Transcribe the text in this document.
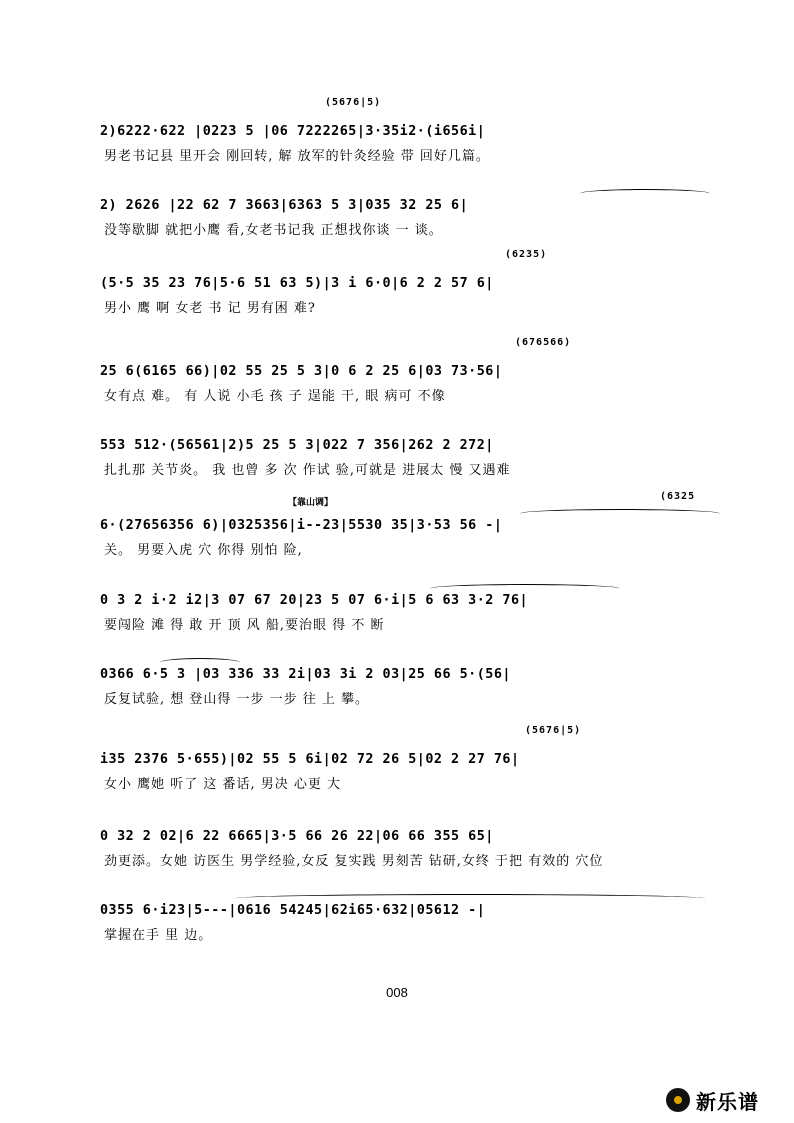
(5676|5)
2)6222·622 |0223 5 |06 7222265|3·35i2·(i656i|
男老书记县 里开会 刚回转, 解 放军的针灸经验 带 回好几篇。
2) 2626 |22 62 7 3663|6363 5 3|035 32 25 6|
没等歇脚 就把小鹰 看,女老书记我 正想找你谈 一 谈。
(6235)
(5·5 35 23 76|5·6 51 63 5)|3 i 6·0|6 2 2 57 6|
男小 鹰 啊 女老 书 记 男有困 难?
(676566)
25 6(6165 66)|02 55 25 5 3|0 6 2 25 6|03 73·56|
女有点 难。 有 人说 小毛 孩 子 逞能 干, 眼 病可 不像
553 512·(56561|2)5 25 5 3|022 7 356|262 2 272|
扎扎那 关节炎。 我 也曾 多 次 作试 验,可就是 进展太 慢 又遇难
【靠山调】
(6325
6·(27656356 6)|0325356|i--23|5530 35|3·53 56 -|
关。 男要入虎 穴 你得 别怕 险,
0 3 2 i·2 i2|3 07 67 20|23 5 07 6·i|5 6 63 3·2 76|
要闯险 滩 得 敢 开 顶 风 船,要治眼 得 不 断
0366 6·5 3 |03 336 33 2i|03 3i 2 03|25 66 5·(56|
反复试验, 想 登山得 一步 一步 往 上 攀。
(5676|5)
i35 2376 5·655)|02 55 5 6i|02 72 26 5|02 2 27 76|
女小 鹰她 听了 这 番话, 男决 心更 大
0 32 2 02|6 22 6665|3·5 66 26 22|06 66 355 65|
劲更添。女她 访医生 男学经验,女反 复实践 男刻苦 钻研,女终 于把 有效的 穴位
0355 6·i23|5---|0616 54245|62i65·632|05612 -|
掌握在手 里 边。
008
新乐谱
